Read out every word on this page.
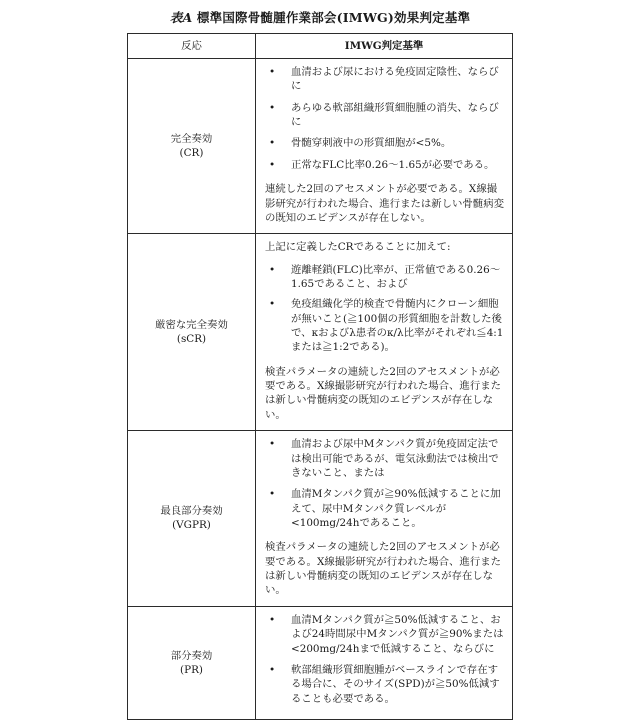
表A 標準国際骨髄腫作業部会(IMWG)効果判定基準
反応	IMWG判定基準

完全奏効
(CR)

• 血清および尿における免疫固定陰性、ならびに
• あらゆる軟部組織形質細胞腫の消失、ならびに
• 骨髄穿刺液中の形質細胞が<5%。
• 正常なFLC比率0.26～1.65が必要である。

連続した2回のアセスメントが必要である。X線撮影研究が行われた場合、進行または新しい骨髄病変の既知のエビデンスが存在しない。

厳密な完全奏効
(sCR)

上記に定義したCRであることに加えて:

• 遊離軽鎖(FLC)比率が、正常値である0.26～1.65であること、および
• 免疫組織化学的検査で骨髄内にクローン細胞が無いこと(≧100個の形質細胞を計数した後で、κおよびλ患者のκ/λ比率がそれぞれ≦4:1または≧1:2である)。

検査パラメータの連続した2回のアセスメントが必要である。X線撮影研究が行われた場合、進行または新しい骨髄病変の既知のエビデンスが存在しない。

最良部分奏効
(VGPR)

• 血清および尿中Mタンパク質が免疫固定法では検出可能であるが、電気泳動法では検出できないこと、または
• 血清Mタンパク質が≧90%低減することに加えて、尿中Mタンパク質レベルが<100mg/24hであること。

検査パラメータの連続した2回のアセスメントが必要である。X線撮影研究が行われた場合、進行または新しい骨髄病変の既知のエビデンスが存在しない。

部分奏効
(PR)

• 血清Mタンパク質が≧50%低減すること、および24時間尿中Mタンパク質が≧90%または<200mg/24hまで低減すること、ならびに
• 軟部組織形質細胞腫がベースラインで存在する場合に、そのサイズ(SPD)が≧50%低減することも必要である。
